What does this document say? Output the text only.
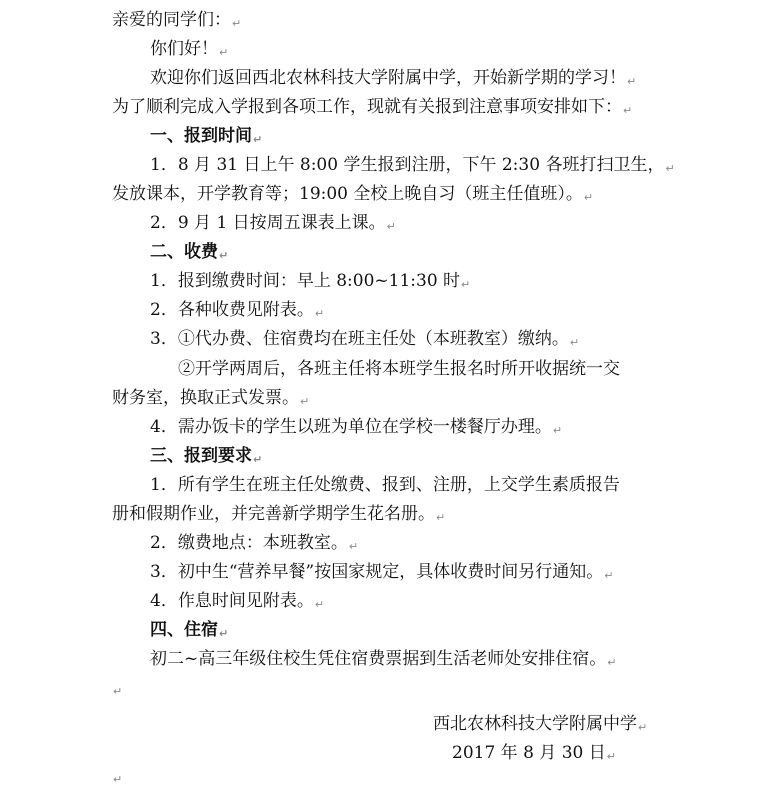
亲爱的同学们：↵
你们好！↵
欢迎你们返回西北农林科技大学附属中学，开始新学期的学习！↵
为了顺利完成入学报到各项工作，现就有关报到注意事项安排如下：↵
一、报到时间↵
1．8 月 31 日上午 8:00 学生报到注册，下午 2:30 各班打扫卫生，↵
发放课本，开学教育等；19:00 全校上晚自习（班主任值班）。↵
2．9 月 1 日按周五课表上课。↵
二、收费↵
1．报到缴费时间：早上 8:00~11:30 时↵
2．各种收费见附表。↵
3．①代办费、住宿费均在班主任处（本班教室）缴纳。↵
②开学两周后，各班主任将本班学生报名时所开收据统一交
财务室，换取正式发票。↵
4．需办饭卡的学生以班为单位在学校一楼餐厅办理。↵
三、报到要求↵
1．所有学生在班主任处缴费、报到、注册，上交学生素质报告
册和假期作业，并完善新学期学生花名册。↵
2．缴费地点：本班教室。↵
3．初中生“营养早餐”按国家规定，具体收费时间另行通知。↵
4．作息时间见附表。↵
四、住宿↵
初二~高三年级住校生凭住宿费票据到生活老师处安排住宿。↵
↵
西北农林科技大学附属中学↵
2017 年 8 月 30 日↵
↵
